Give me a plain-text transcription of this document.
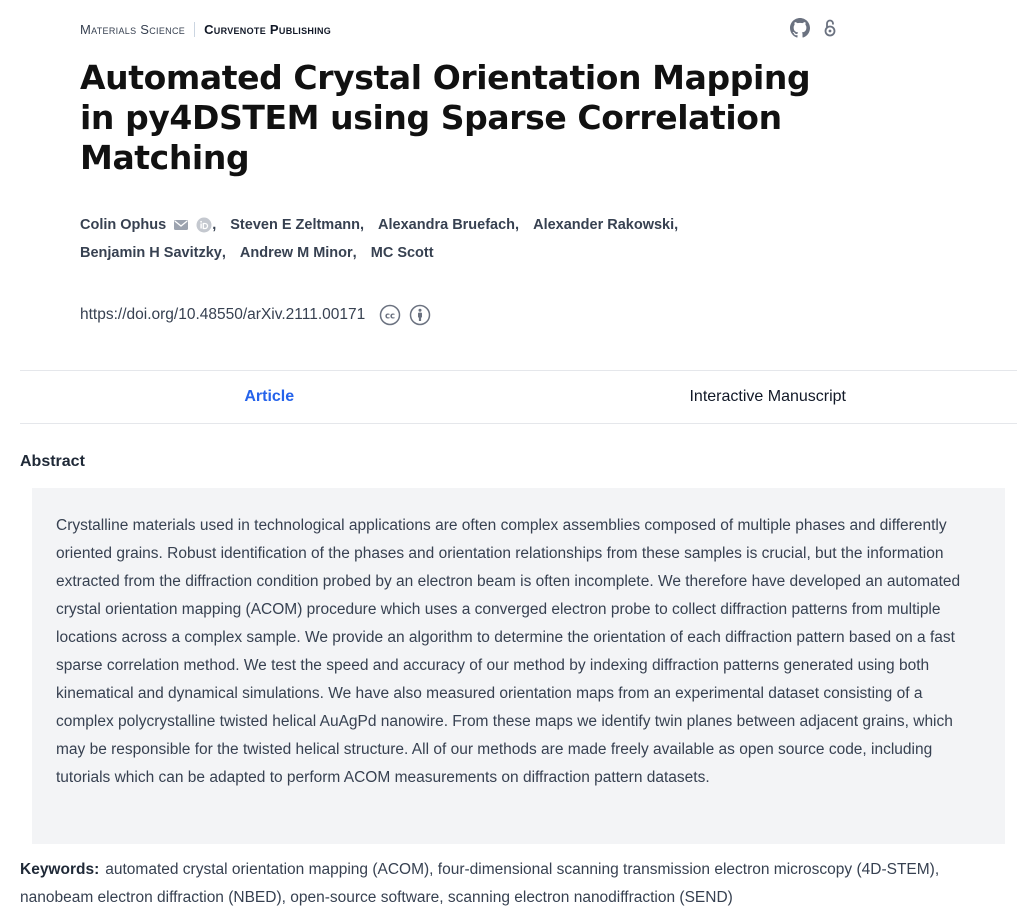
Materials Science	Curvenote Publishing
Automated Crystal Orientation Mapping in py4DSTEM using Sparse Correlation Matching
Colin Ophus	,
Steven E Zeltmann ,
Alexandra Bruefach ,
Alexander Rakowski ,

Benjamin H Savitzky ,
Andrew M Minor ,
MC Scott
https://doi.org/10.48550/arXiv.2111.00171 cc
Article	Interactive Manuscript
Abstract

Crystalline materials used in technological applications are often complex assemblies composed of multiple phases and differently oriented grains. Robust identification of the phases and orientation relationships from these samples is crucial, but the information extracted from the diffraction condition probed by an electron beam is often incomplete. We therefore have developed an automated crystal orientation mapping (ACOM) procedure which uses a converged electron probe to collect diffraction patterns from multiple locations across a complex sample. We provide an algorithm to determine the orientation of each diffraction pattern based on a fast sparse correlation method. We test the speed and accuracy of our method by indexing diffraction patterns generated using both kinematical and dynamical simulations. We have also measured orientation maps from an experimental dataset consisting of a complex polycrystalline twisted helical AuAgPd nanowire. From these maps we identify twin planes between adjacent grains, which may be responsible for the twisted helical structure. All of our methods are made freely available as open source code, including tutorials which can be adapted to perform ACOM measurements on diffraction pattern datasets.

Keywords: automated crystal orientation mapping (ACOM), four-dimensional scanning transmission electron microscopy (4D-STEM), nanobeam electron diffraction (NBED), open-source software, scanning electron nanodiffraction (SEND)
